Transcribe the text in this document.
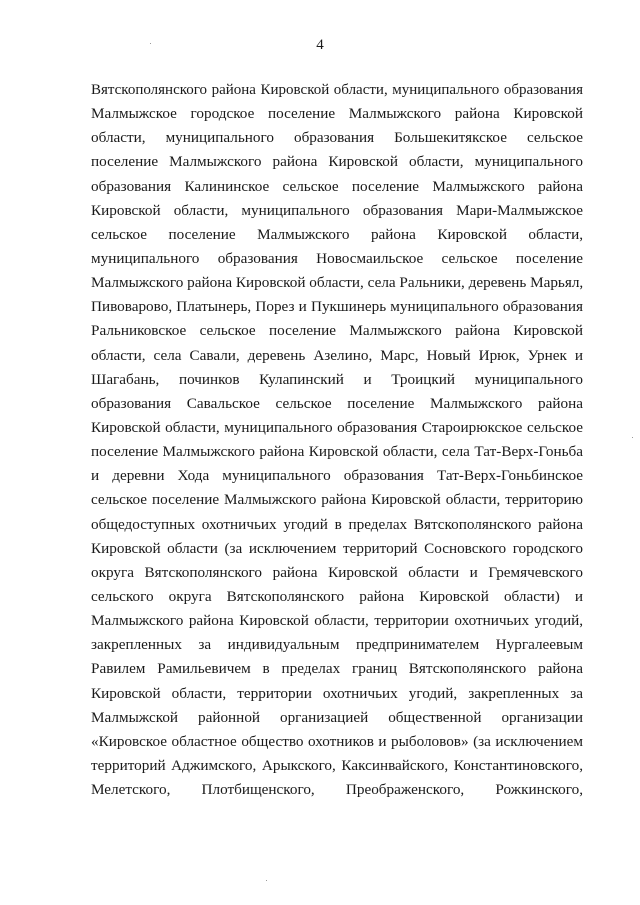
4
Вятскополянского района Кировской области, муниципального образования
Малмыжское городское поселение Малмыжского района Кировской
области, муниципального образования Большекитякское сельское
поселение Малмыжского района Кировской области, муниципального
образования Калининское сельское поселение Малмыжского района
Кировской области, муниципального образования Мари-Малмыжское
сельское поселение Малмыжского района Кировской области,
муниципального образования Новосмаильское сельское поселение
Малмыжского района Кировской области, села Ральники, деревень Марьял,
Пивоварово, Платынерь, Порез и Пукшинерь муниципального образования
Ральниковское сельское поселение Малмыжского района Кировской
области, села Савали, деревень Азелино, Марс, Новый Ирюк, Урнек и
Шагабань, починков Кулапинский и Троицкий муниципального
образования Савальское сельское поселение Малмыжского района
Кировской области, муниципального образования Староирюкское сельское
поселение Малмыжского района Кировской области, села Тат-Верх-Гоньба
и деревни Хода муниципального образования Тат-Верх-Гоньбинское
сельское поселение Малмыжского района Кировской области, территорию
общедоступных охотничьих угодий в пределах Вятскополянского района
Кировской области (за исключением территорий Сосновского городского
округа Вятскополянского района Кировской области и Гремячевского
сельского округа Вятскополянского района Кировской области) и
Малмыжского района Кировской области, территории охотничьих угодий,
закрепленных за индивидуальным предпринимателем Нургалеевым
Равилем Рамильевичем в пределах границ Вятскополянского района
Кировской области, территории охотничьих угодий, закрепленных за
Малмыжской районной организацией общественной организации
«Кировское областное общество охотников и рыболовов» (за исключением
территорий Аджимского, Арыкского, Каксинвайского, Константиновского,
Мелетского, Плотбищенского, Преображенского, Рожкинского,
